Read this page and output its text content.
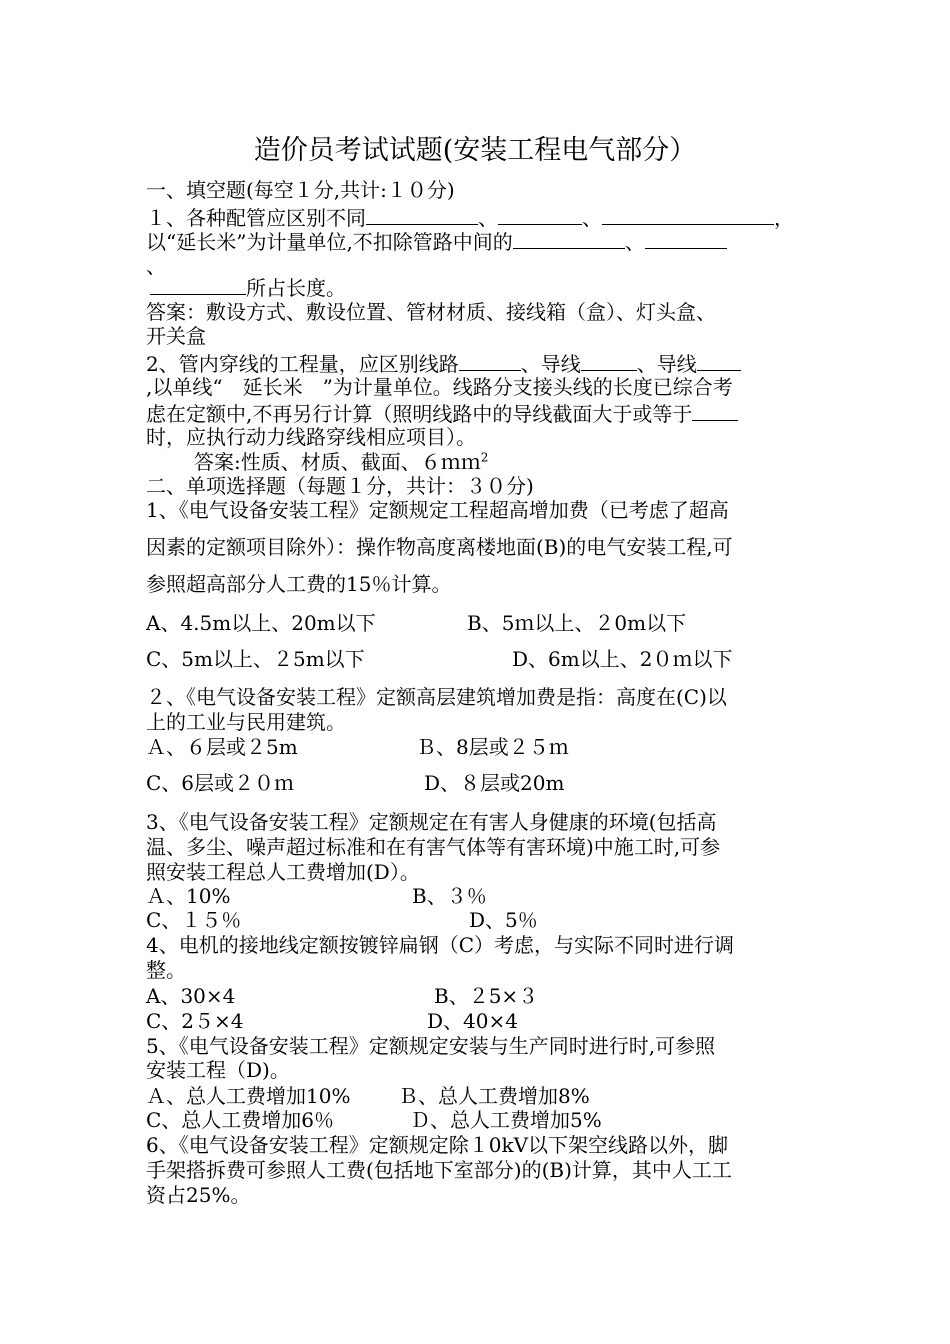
造价员考试试题(安装工程电气部分）
一、填空题(每空１分,共计:１０分)
１、各种配管应区别不同	、	、	，
以“延长米”为计量单位,不扣除管路中间的	、
、
所占长度。
答案：敷设方式、敷设位置、管材材质、接线箱（盒）、灯头盒、
开关盒
2、管内穿线的工程量，应区别线路	、导线	、导线
,以单线“　延长米　”为计量单位。线路分支接头线的长度已综合考
虑在定额中,不再另行计算（照明线路中的导线截面大于或等于
时，应执行动力线路穿线相应项目）。
答案:性质、材质、截面、６ｍｍ$^2$
二、单项选择题（每题１分，共计：３０分)
1、《电气设备安装工程》定额规定工程超高增加费（已考虑了超高
因素的定额项目除外）：操作物高度离楼地面(B)的电气安装工程,可
参照超高部分人工费的15％计算。
A、4.5m以上、20m以下	B、5ｍ以上、２0m以下
C、5m以上、２5m以下	D、6m以上、2０ｍ以下
２、《电气设备安装工程》定额高层建筑增加费是指：高度在(C)以
上的工业与民用建筑。
Ａ、６层或２5m	Ｂ、8层或２５ｍ
C、6层或２０ｍ	D、８层或20m
3、《电气设备安装工程》定额规定在有害人身健康的环境(包括高
温、多尘、噪声超过标准和在有害气体等有害环境)中施工时,可参
照安装工程总人工费增加(D）。
Ａ、10%	B、３％
C、１５％	D、5％
4、电机的接地线定额按镀锌扁钢（C）考虑，与实际不同时进行调
整。
A、30×4	B、２5×３
C、2５×4	D、40×4
5、《电气设备安装工程》定额规定安装与生产同时进行时,可参照
安装工程（D)。
Ａ、总人工费增加10% Ｂ、总人工费增加8%
C、总人工费增加6％	Ｄ、总人工费增加5%
6、《电气设备安装工程》定额规定除１0kV以下架空线路以外，脚
手架搭拆费可参照人工费(包括地下室部分)的(B)计算，其中人工工
资占25%。
